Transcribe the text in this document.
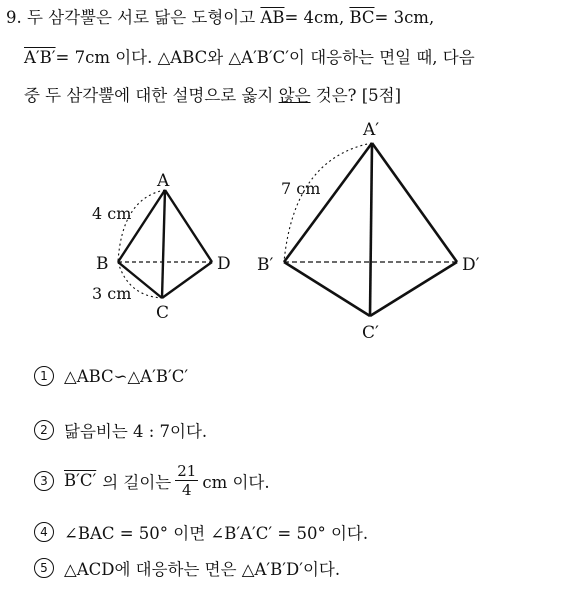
9. 두 삼각뿔은 서로 닮은 도형이고 $\overline{AB}= 4cm$, $\overline{BC}= 3cm$,
A′B′= 7cm 이다. △ABC와 △A′B′C′이 대응하는 면일 때, 다음
중 두 삼각뿔에 대한 설명으로 옳지 않은 것은? [5점]
A
B
C
D
4 cm
3 cm
A′
B′
C′
D′
7 cm
1 △ABC∽△A′B′C′
2 닮음비는 4 : 7이다.
3 B′C′ 의 길이는 $\frac{21}{4}$ cm 이다.
4 ∠BAC = 50° 이면 ∠B′A′C′ = 50° 이다.
5 △ACD에 대응하는 면은 △A′B′D′이다.
